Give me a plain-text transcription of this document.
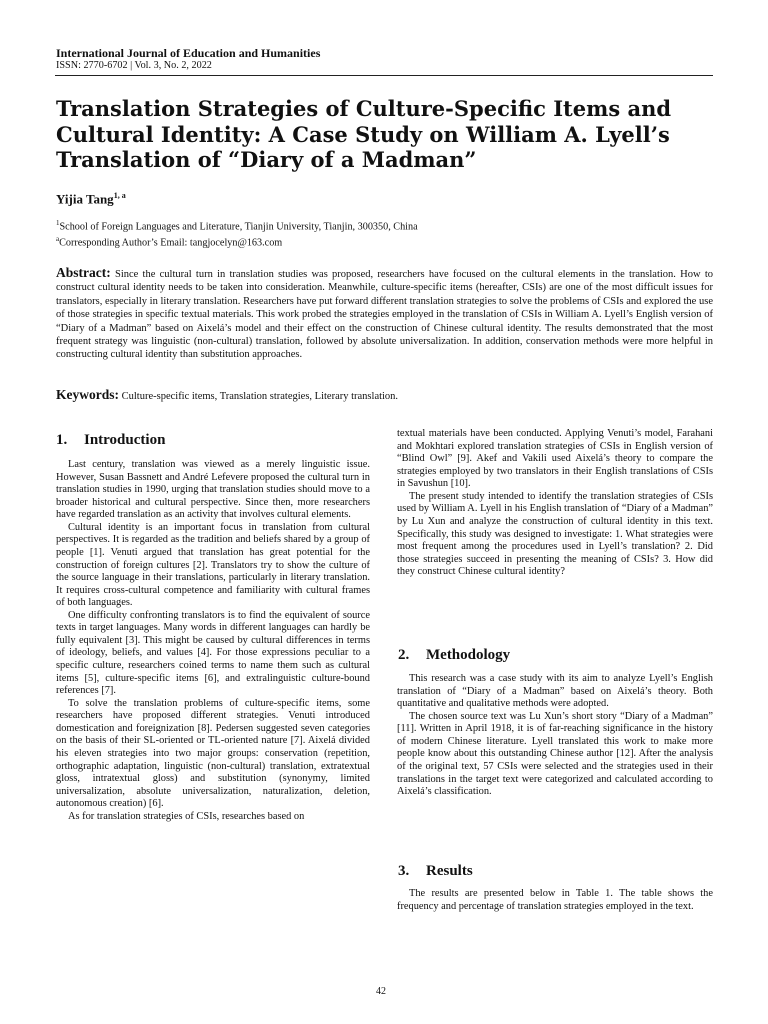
International Journal of Education and Humanities
ISSN: 2770-6702 | Vol. 3, No. 2, 2022
Translation Strategies of Culture-Specific Items and Cultural Identity: A Case Study on William A. Lyell’s Translation of “Diary of a Madman”
Yijia Tang$^{1, a}$
$^1$School of Foreign Languages and Literature, Tianjin University, Tianjin, 300350, China
$^a$Corresponding Author’s Email: tangjocelyn@163.com

Abstract: Since the cultural turn in translation studies was proposed, researchers have focused on the cultural elements in the translation. How to construct cultural identity needs to be taken into consideration. Meanwhile, culture-specific items (hereafter, CSIs) are one of the most difficult issues for translators, especially in literary translation. Researchers have put forward different translation strategies to solve the problems of CSIs and explored the use of those strategies in specific textual materials. This work probed the strategies employed in the translation of CSIs in William A. Lyell’s English version of “Diary of a Madman” based on Aixelá’s model and their effect on the construction of Chinese cultural identity. The results demonstrated that the most frequent strategy was linguistic (non-cultural) translation, followed by absolute universalization. In addition, conservation methods were more helpful in constructing cultural identity than substitution approaches.

Keywords: Culture-specific items, Translation strategies, Literary translation.
1. Introduction

Last century, translation was viewed as a merely linguistic issue. However, Susan Bassnett and André Lefevere proposed the cultural turn in translation studies in 1990, urging that translation studies should move to a broader historical and cultural perspective. Since then, more researchers have regarded translation as an activity that involves cultural elements.

Cultural identity is an important focus in translation from cultural perspectives. It is regarded as the tradition and beliefs shared by a group of people [1]. Venuti argued that translation has great potential for the construction of foreign cultures [2]. Translators try to show the culture of the source language in their translations, particularly in literary translation. It requires cross-cultural competence and familiarity with cultural frames of both languages.

One difficulty confronting translators is to find the equivalent of source texts in target languages. Many words in different languages can hardly be fully equivalent [3]. This might be caused by cultural differences in terms of ideology, beliefs, and values [4]. For those expressions peculiar to a specific culture, researchers coined terms to name them such as cultural items [5], culture-specific items [6], and extralinguistic culture-bound references [7].

To solve the translation problems of culture-specific items, some researchers have proposed different strategies. Venuti introduced domestication and foreignization [8]. Pedersen suggested seven categories on the basis of their SL-oriented or TL-oriented nature [7]. Aixelá divided his eleven strategies into two major groups: conservation (repetition, orthographic adaptation, linguistic (non-cultural) translation, extratextual gloss, intratextual gloss) and substitution (synonymy, limited universalization, absolute universalization, naturalization, deletion, autonomous creation) [6].

As for translation strategies of CSIs, researches based on

textual materials have been conducted. Applying Venuti’s model, Farahani and Mokhtari explored translation strategies of CSIs in English version of “Blind Owl” [9]. Akef and Vakili used Aixelá’s theory to compare the strategies employed by two translators in their English translations of CSIs in Savushun [10].

The present study intended to identify the translation strategies of CSIs used by William A. Lyell in his English translation of “Diary of a Madman” by Lu Xun and analyze the construction of cultural identity in this text. Specifically, this study was designed to investigate: 1. What strategies were most frequent among the procedures used in Lyell’s translation? 2. Did those strategies succeed in presenting the meaning of CSIs? 3. How did they construct Chinese cultural identity?

2. Methodology

This research was a case study with its aim to analyze Lyell’s English translation of “Diary of a Madman” based on Aixelá’s theory. Both quantitative and qualitative methods were adopted.

The chosen source text was Lu Xun’s short story “Diary of a Madman” [11]. Written in April 1918, it is of far-reaching significance in the history of modern Chinese literature. Lyell translated this work to make more people know about this outstanding Chinese author [12]. After the analysis of the original text, 57 CSIs were selected and the strategies used in their translations in the target text were categorized and calculated according to Aixelá’s classification.

3. Results

The results are presented below in Table 1. The table shows the frequency and percentage of translation strategies employed in the text.

42
